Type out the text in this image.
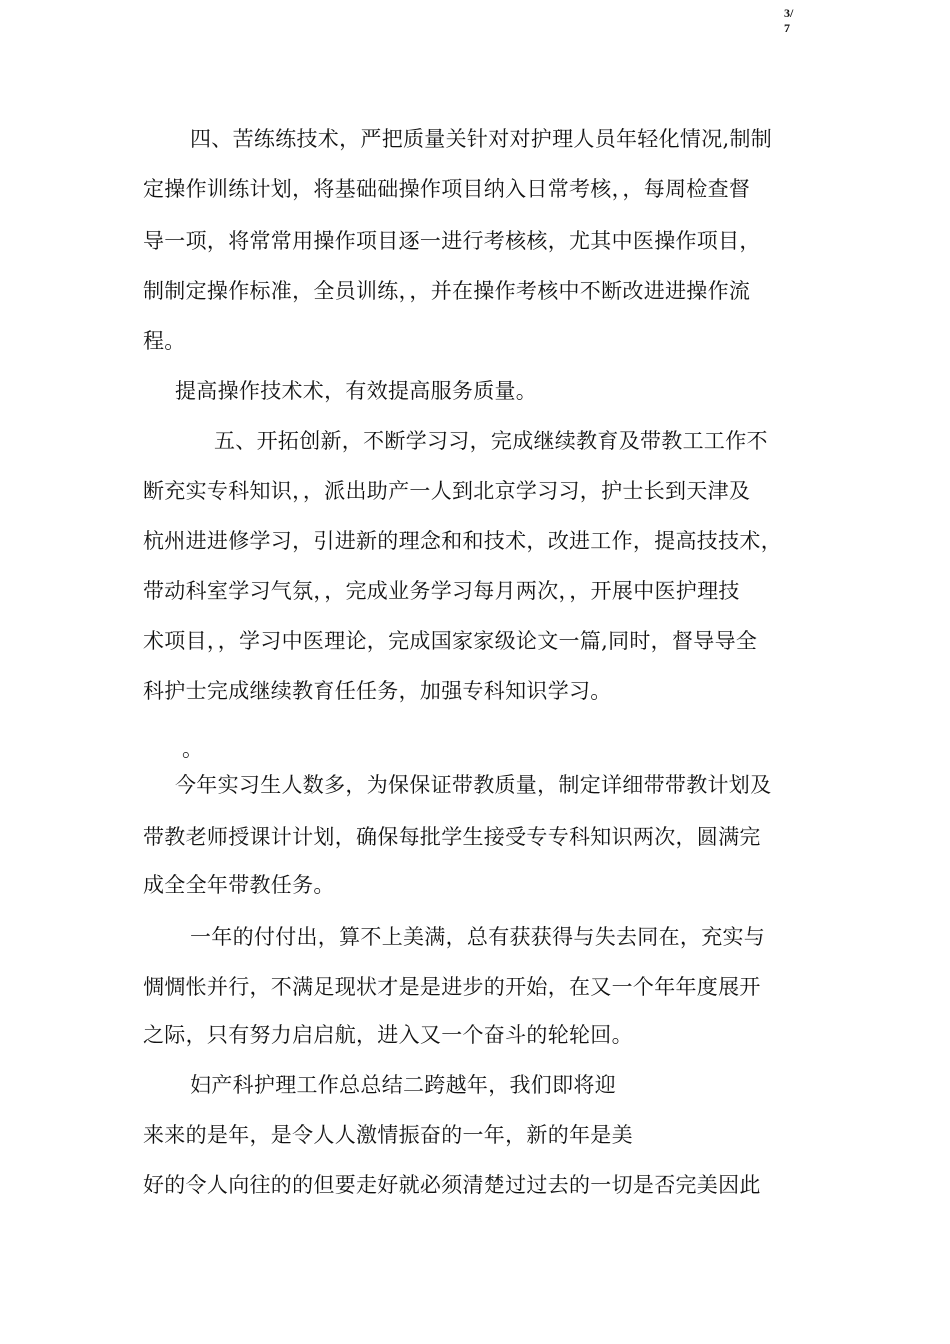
3/
7
四、苦练练技术，严把质量关针对对护理人员年轻化情况,制制
定操作训练计划，将基础础操作项目纳入日常考核，，每周检查督
导一项，将常常用操作项目逐一进行考核核，尤其中医操作项目，
制制定操作标准，全员训练，，并在操作考核中不断改进进操作流
程。
提高操作技术术，有效提高服务质量。
五、开拓创新，不断学习习，完成继续教育及带教工工作不
断充实专科知识，，派出助产一人到北京学习习，护士长到天津及
杭州进进修学习，引进新的理念和和技术，改进工作，提高技技术，
带动科室学习气氛，，完成业务学习每月两次，，开展中医护理技
术项目，，学习中医理论，完成国家家级论文一篇,同时，督导导全
科护士完成继续教育任任务，加强专科知识学习。
。
今年实习生人数多，为保保证带教质量，制定详细带带教计划及
带教老师授课计计划，确保每批学生接受专专科知识两次，圆满完
成全全年带教任务。
一年的付付出，算不上美满，总有获获得与失去同在，充实与
惆惆怅并行，不满足现状才是是进步的开始，在又一个年年度展开
之际，只有努力启启航，进入又一个奋斗的轮轮回。
妇产科护理工作总总结二跨越年，我们即将迎
来来的是年，是令人人激情振奋的一年，新的年是美
好的令人向往的的但要走好就必须清楚过过去的一切是否完美因此
